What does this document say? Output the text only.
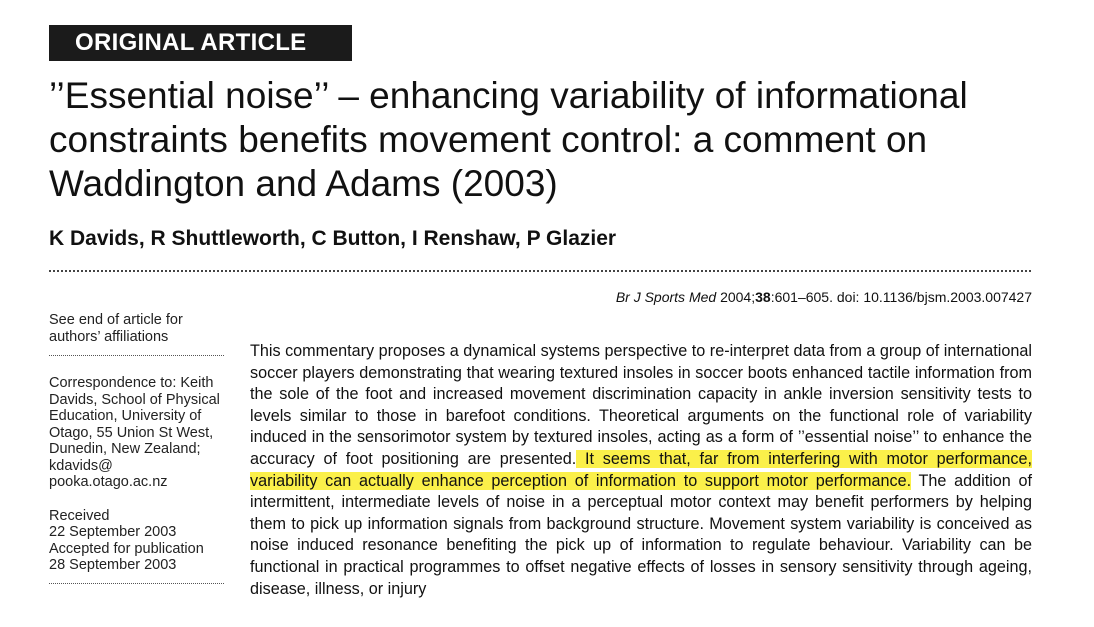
ORIGINAL ARTICLE
’’Essential noise’’ – enhancing variability of informational constraints benefits movement control: a comment on Waddington and Adams (2003)
K Davids, R Shuttleworth, C Button, I Renshaw, P Glazier
Br J Sports Med 2004;38:601–605. doi: 10.1136/bjsm.2003.007427

See end of article for authors’ affiliations

Correspondence to: Keith Davids, School of Physical Education, University of Otago, 55 Union St West, Dunedin, New Zealand; kdavids@ pooka.otago.ac.nz

Received

22 September 2003

Accepted for publication

28 September 2003

This commentary proposes a dynamical systems perspective to re-interpret data from a group of international soccer players demonstrating that wearing textured insoles in soccer boots enhanced tactile information from the sole of the foot and increased movement discrimination capacity in ankle inversion sensitivity tests to levels similar to those in barefoot conditions. Theoretical arguments on the functional role of variability induced in the sensorimotor system by textured insoles, acting as a form of ’’essential noise’’ to enhance the accuracy of foot positioning are presented. It seems that, far from interfering with motor performance, variability can actually enhance perception of information to support motor performance. The addition of intermittent, intermediate levels of noise in a perceptual motor context may benefit performers by helping them to pick up information signals from background structure. Movement system variability is conceived as noise induced resonance benefiting the pick up of information to regulate behaviour. Variability can be functional in practical programmes to offset negative effects of losses in sensory sensitivity through ageing, disease, illness, or injury
